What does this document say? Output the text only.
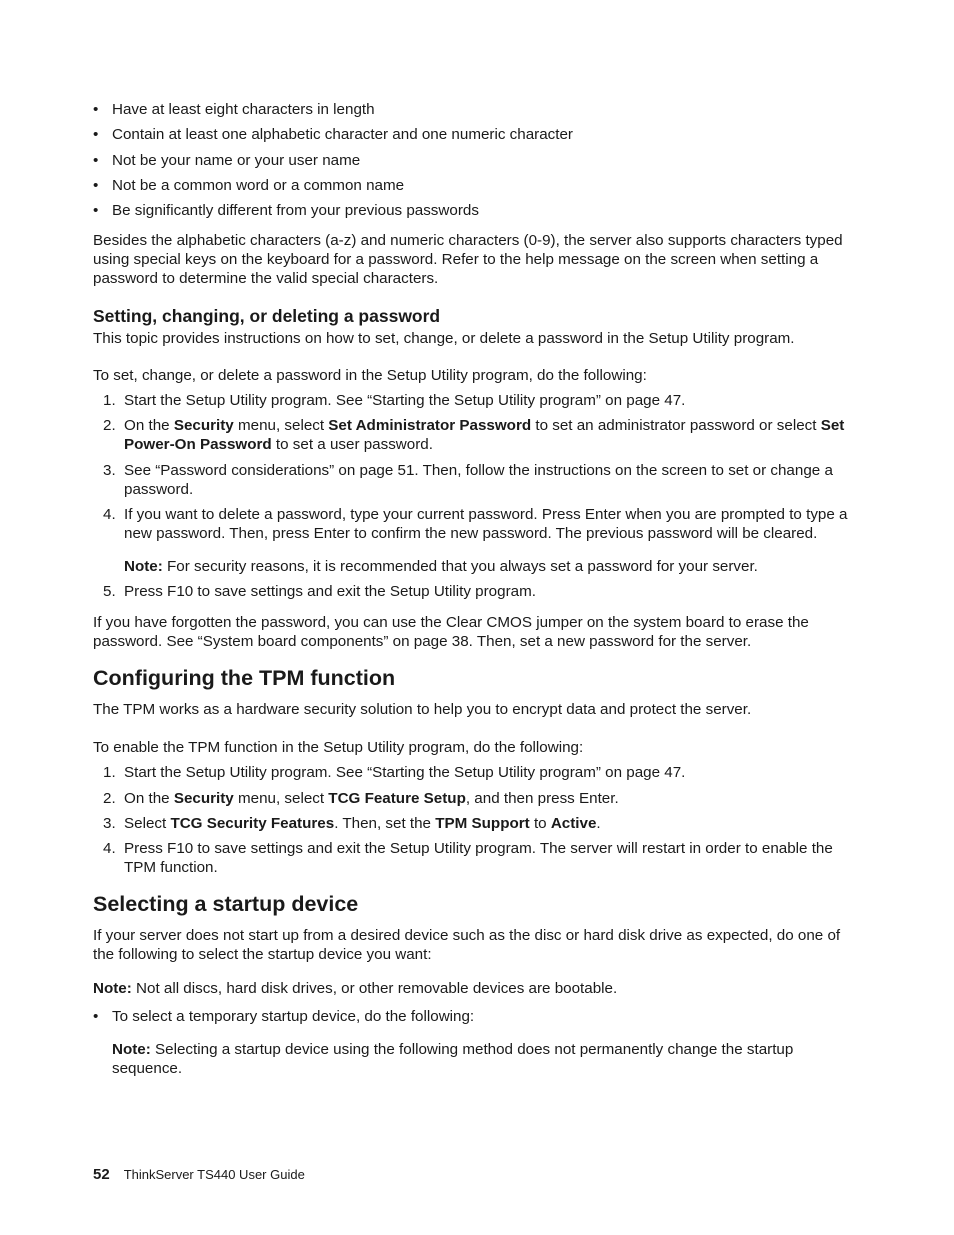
• Have at least eight characters in length
• Contain at least one alphabetic character and one numeric character
• Not be your name or your user name
• Not be a common word or a common name
• Be significantly different from your previous passwords

Besides the alphabetic characters (a-z) and numeric characters (0-9), the server also supports characters typed using special keys on the keyboard for a password. Refer to the help message on the screen when setting a password to determine the valid special characters.

Setting, changing, or deleting a password

This topic provides instructions on how to set, change, or delete a password in the Setup Utility program.

To set, change, or delete a password in the Setup Utility program, do the following:

1. Start the Setup Utility program. See “Starting the Setup Utility program” on page 47.
2. On the Security menu, select Set Administrator Password to set an administrator password or select Set Power-On Password to set a user password.
3. See “Password considerations” on page 51. Then, follow the instructions on the screen to set or change a password.
4. If you want to delete a password, type your current password. Press Enter when you are prompted to type a new password. Then, press Enter to confirm the new password. The previous password will be cleared.

Note: For security reasons, it is recommended that you always set a password for your server.

5. Press F10 to save settings and exit the Setup Utility program.

If you have forgotten the password, you can use the Clear CMOS jumper on the system board to erase the password. See “System board components” on page 38. Then, set a new password for the server.

Configuring the TPM function

The TPM works as a hardware security solution to help you to encrypt data and protect the server.

To enable the TPM function in the Setup Utility program, do the following:

1. Start the Setup Utility program. See “Starting the Setup Utility program” on page 47.
2. On the Security menu, select TCG Feature Setup, and then press Enter.
3. Select TCG Security Features. Then, set the TPM Support to Active.
4. Press F10 to save settings and exit the Setup Utility program. The server will restart in order to enable the TPM function.
Selecting a startup device

If your server does not start up from a desired device such as the disc or hard disk drive as expected, do one of the following to select the startup device you want:

Note: Not all discs, hard disk drives, or other removable devices are bootable.

• To select a temporary startup device, do the following:

Note: Selecting a startup device using the following method does not permanently change the startup sequence.

52 ThinkServer TS440 User Guide
